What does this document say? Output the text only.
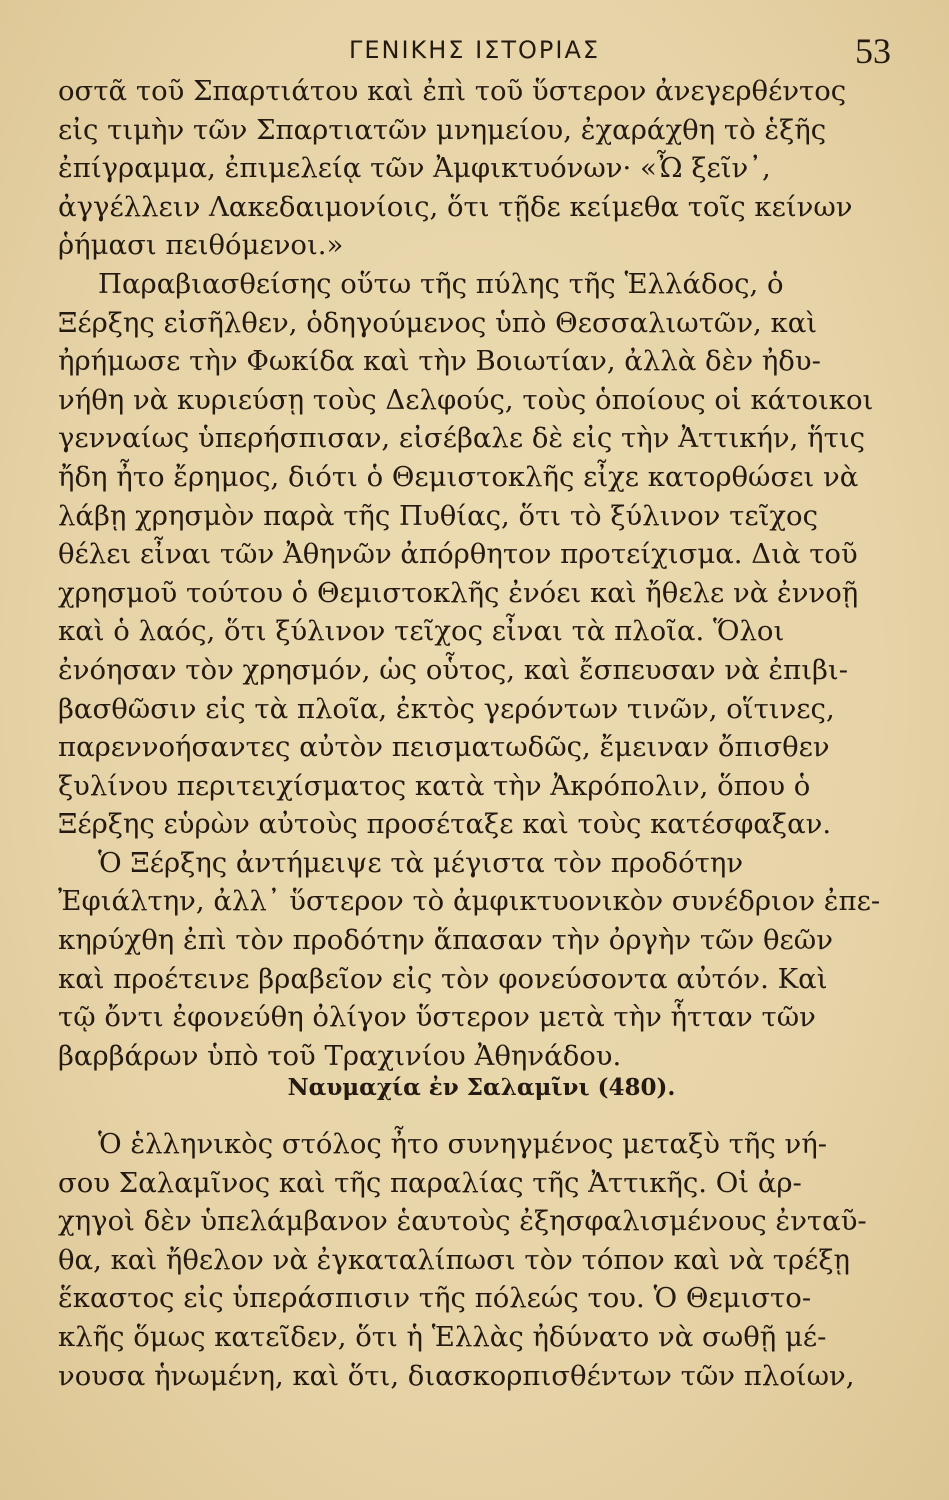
ΓΕΝΙΚΗΣ ΙΣΤΟΡΙΑΣ	53
οστᾶ τοῦ Σπαρτιάτου καὶ ἐπὶ τοῦ ὕστερον ἀνεγερθέντος
εἰς τιμὴν τῶν Σπαρτιατῶν μνημείου, ἐχαράχθη τὸ ἑξῆς
ἐπίγραμμα, ἐπιμελείᾳ τῶν Ἀμφικτυόνων· «Ὦ ξεῖν᾿,
ἀγγέλλειν Λακεδαιμονίοις, ὅτι τῇδε κείμεθα τοῖς κείνων
ῥήμασι πειθόμενοι.»
Παραβιασθείσης οὕτω τῆς πύλης τῆς Ἑλλάδος, ὁ
Ξέρξης εἰσῆλθεν, ὁδηγούμενος ὑπὸ Θεσσαλιωτῶν, καὶ
ἠρήμωσε τὴν Φωκίδα καὶ τὴν Βοιωτίαν, ἀλλὰ δὲν ἠδυ-
νήθη νὰ κυριεύσῃ τοὺς Δελφούς, τοὺς ὁποίους οἱ κάτοικοι
γενναίως ὑπερήσπισαν, εἰσέβαλε δὲ εἰς τὴν Ἀττικήν, ἥτις
ἤδη ἦτο ἔρημος, διότι ὁ Θεμιστοκλῆς εἶχε κατορθώσει νὰ
λάβῃ χρησμὸν παρὰ τῆς Πυθίας, ὅτι τὸ ξύλινον τεῖχος
θέλει εἶναι τῶν Ἀθηνῶν ἀπόρθητον προτείχισμα. Διὰ τοῦ
χρησμοῦ τούτου ὁ Θεμιστοκλῆς ἐνόει καὶ ἤθελε νὰ ἐννοῇ
καὶ ὁ λαός, ὅτι ξύλινον τεῖχος εἶναι τὰ πλοῖα. Ὅλοι
ἐνόησαν τὸν χρησμόν, ὡς οὗτος, καὶ ἔσπευσαν νὰ ἐπιβι-
βασθῶσιν εἰς τὰ πλοῖα, ἐκτὸς γερόντων τινῶν, οἵτινες,
παρεννοήσαντες αὐτὸν πεισματωδῶς, ἔμειναν ὄπισθεν
ξυλίνου περιτειχίσματος κατὰ τὴν Ἀκρόπολιν, ὅπου ὁ
Ξέρξης εὑρὼν αὐτοὺς προσέταξε καὶ τοὺς κατέσφαξαν.
Ὁ Ξέρξης ἀντήμειψε τὰ μέγιστα τὸν προδότην
Ἐφιάλτην, ἀλλ᾿ ὕστερον τὸ ἀμφικτυονικὸν συνέδριον ἐπε-
κηρύχθη ἐπὶ τὸν προδότην ἅπασαν τὴν ὀργὴν τῶν θεῶν
καὶ προέτεινε βραβεῖον εἰς τὸν φονεύσοντα αὐτόν. Καὶ
τῷ ὄντι ἐφονεύθη ὀλίγον ὕστερον μετὰ τὴν ἧτταν τῶν
βαρβάρων ὑπὸ τοῦ Τραχινίου Ἀθηνάδου.
Ναυμαχία ἐν Σαλαμῖνι (480).
Ὁ ἑλληνικὸς στόλος ἦτο συνηγμένος μεταξὺ τῆς νή-
σου Σαλαμῖνος καὶ τῆς παραλίας τῆς Ἀττικῆς. Οἱ ἀρ-
χηγοὶ δὲν ὑπελάμβανον ἑαυτοὺς ἐξησφαλισμένους ἐνταῦ-
θα, καὶ ἤθελον νὰ ἐγκαταλίπωσι τὸν τόπον καὶ νὰ τρέξῃ
ἕκαστος εἰς ὑπεράσπισιν τῆς πόλεώς του. Ὁ Θεμιστο-
κλῆς ὅμως κατεῖδεν, ὅτι ἡ Ἑλλὰς ἠδύνατο νὰ σωθῇ μέ-
νουσα ἡνωμένη, καὶ ὅτι, διασκορπισθέντων τῶν πλοίων,
